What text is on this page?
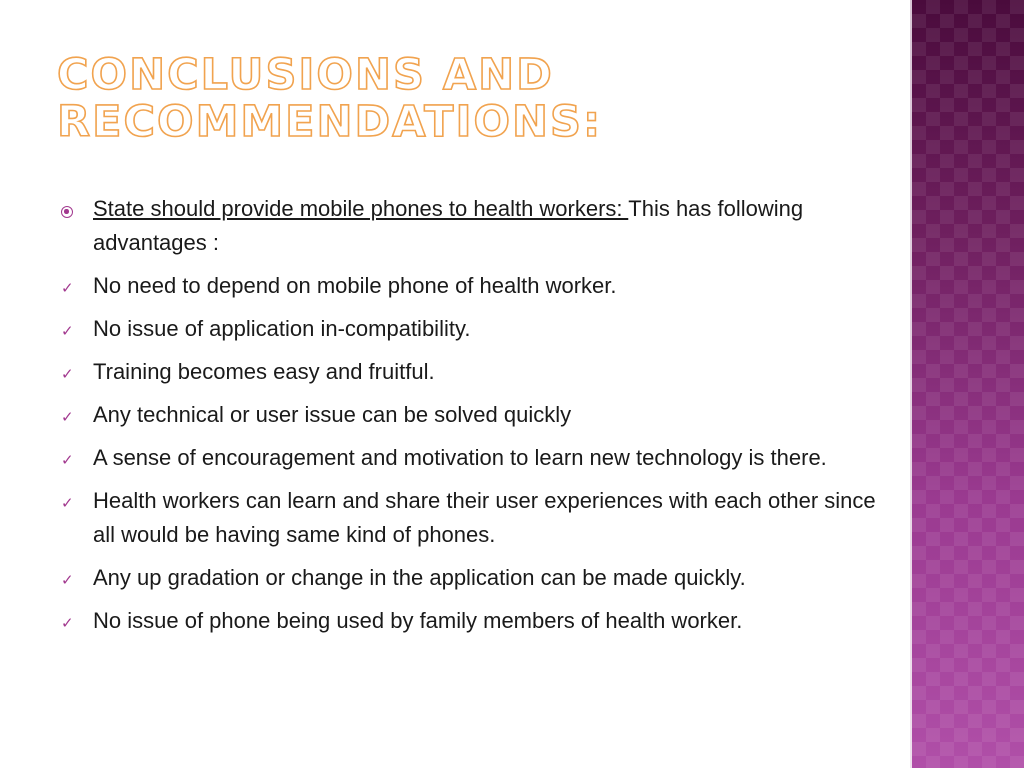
CONCLUSIONS AND
RECOMMENDATIONS:
State should provide mobile phones to health workers: This has following advantages :
✓ No need to depend on mobile phone of health worker.
✓ No issue of application in-compatibility.
✓ Training becomes easy and fruitful.
✓ Any technical or user issue can be solved quickly
✓ A sense of encouragement and motivation to learn new technology is there.
✓ Health workers can learn and share their user experiences with each other since all would be having same kind of phones.
✓ Any up gradation or change in the application can be made quickly.
✓ No issue of phone being used by family members of health worker.
